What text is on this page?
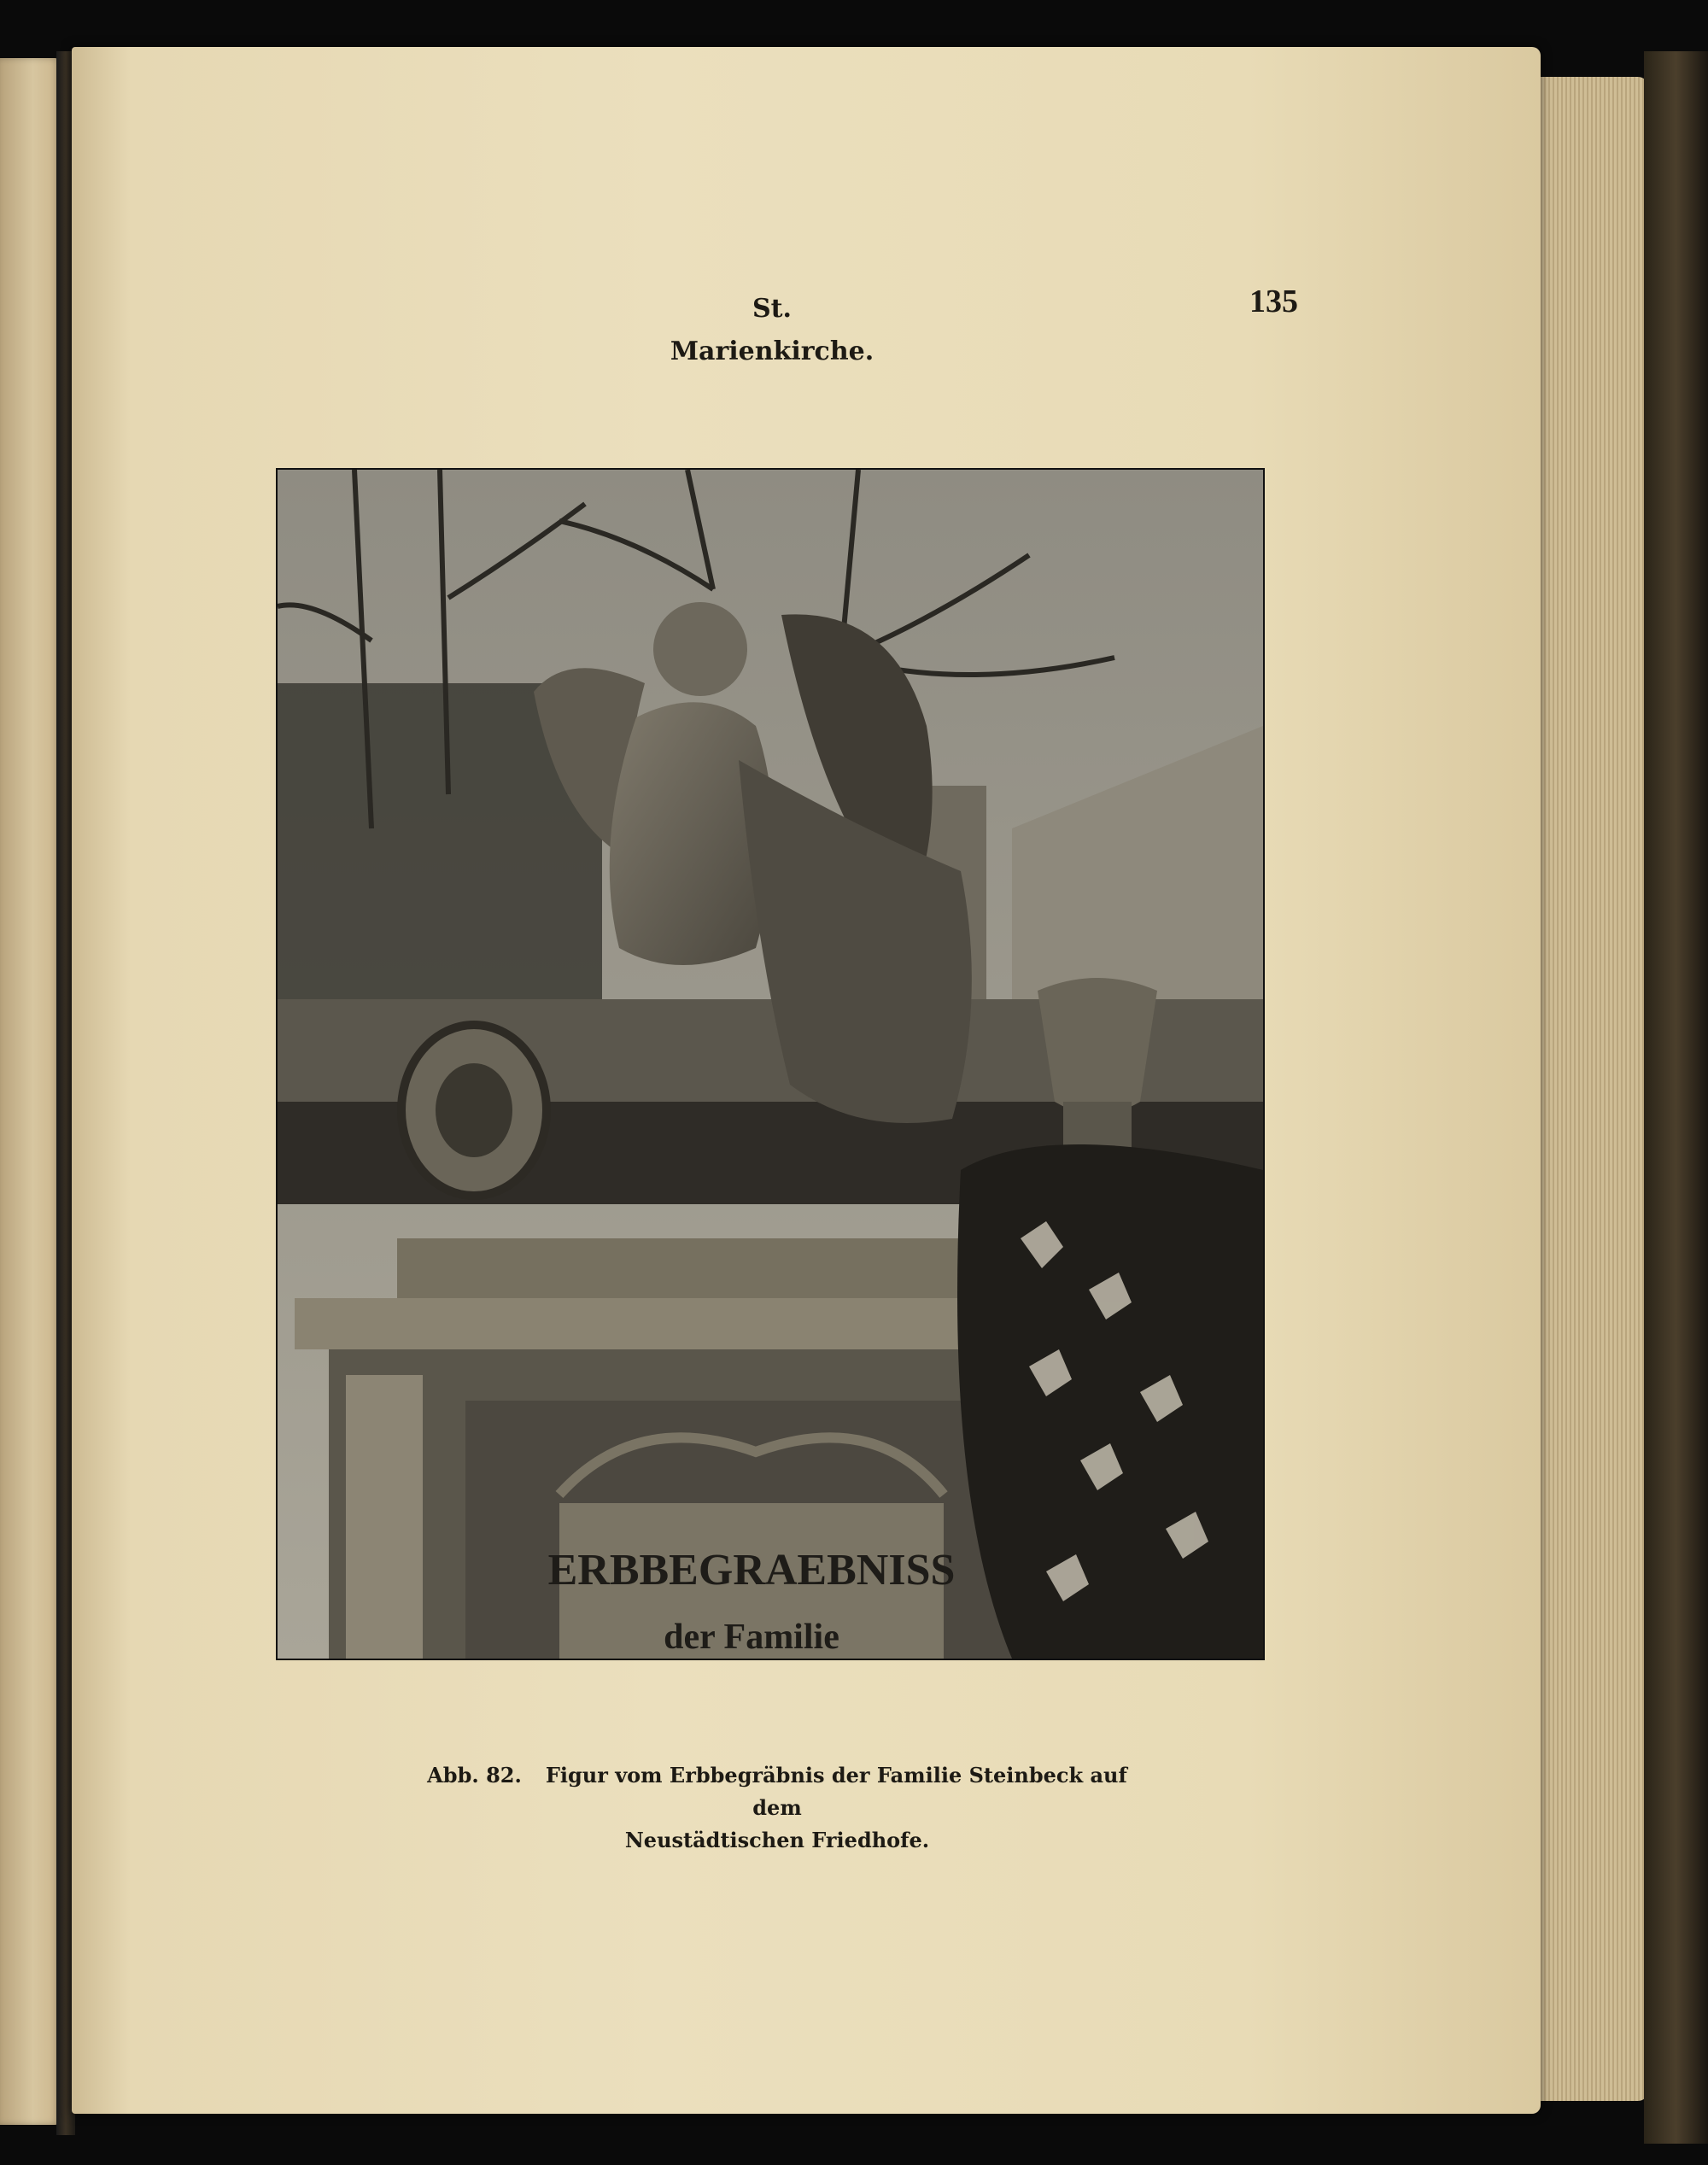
St. Marienkirche.
135
ERBBEGRAEBNISS
der Familie
Abb. 82. Figur vom Erbbegräbnis der Familie Steinbeck auf dem
Neustädtischen Friedhofe.
